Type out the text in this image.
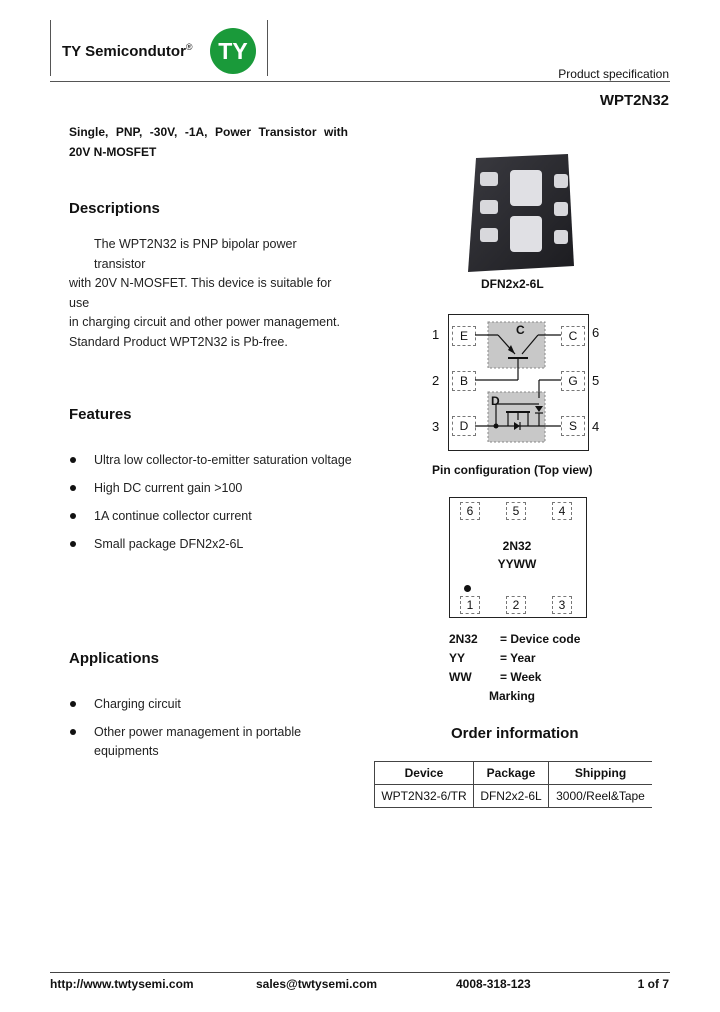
TY Semicondutor®	TY
Product specification
WPT2N32
Single, PNP, -30V, -1A, Power Transistor with
20V N-MOSFET
Descriptions
The WPT2N32 is PNP bipolar power transistor
with 20V N-MOSFET. This device is suitable for use
in charging circuit and other power management.
Standard Product WPT2N32 is Pb-free.
DFN2x2-6L
1
2
3
6
5
4
E
B
D
C
G
S
C
D
Pin configuration (Top view)
Features
Ultra low collector-to-emitter saturation voltage
High DC current gain >100
1A continue collector current
Small package DFN2x2-6L
6	5	4
1	2	3
2N32
YYWW
2N32 = Device code
YY	= Year
WW = Week
Marking
Applications
Charging circuit
Other power management in portable
equipments
Order information
Device	Package	Shipping
WPT2N32-6/TR	DFN2x2-6L	3000/Reel&Tape
http://www.twtysemi.com	sales@twtysemi.com	4008-318-123	1 of 7
